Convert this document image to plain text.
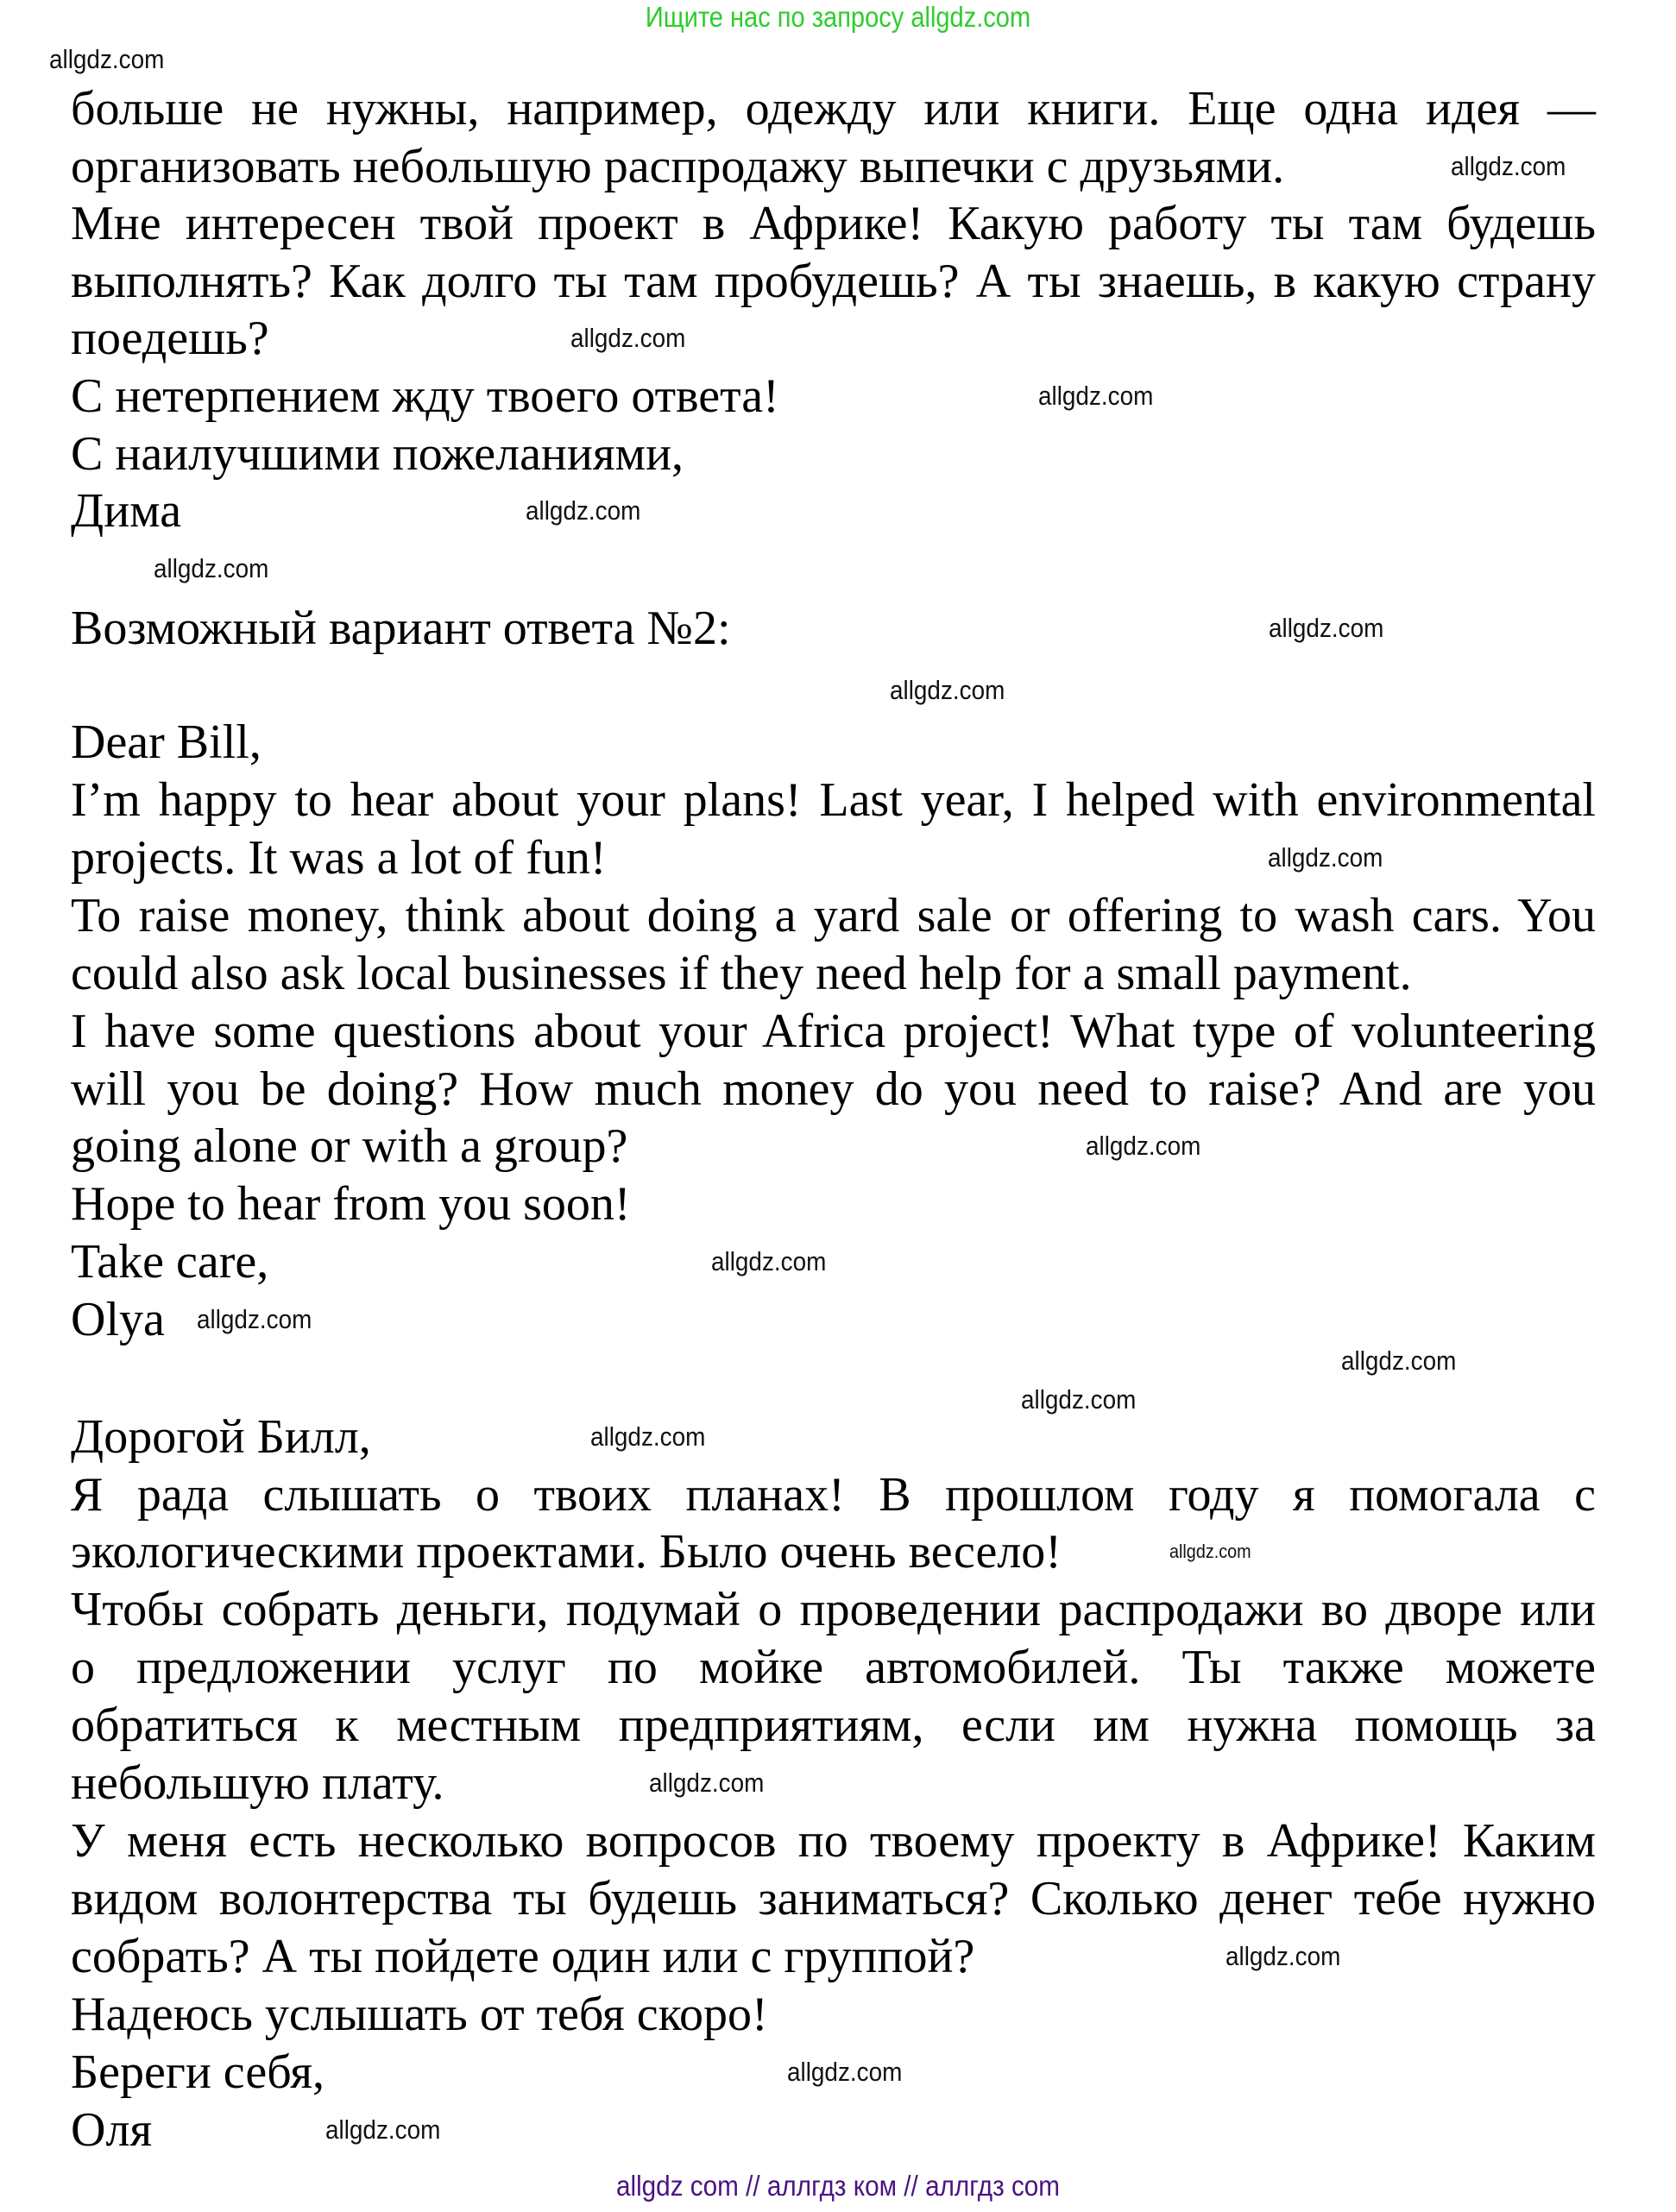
Ищите нас по запросу allgdz.com
больше не нужны, например, одежду или книги. Еще одна идея —
организовать небольшую распродажу выпечки с друзьями.
Мне интересен твой проект в Африке! Какую работу ты там будешь
выполнять? Как долго ты там пробудешь? А ты знаешь, в какую страну
поедешь?
С нетерпением жду твоего ответа!
С наилучшими пожеланиями,
Дима
Возможный вариант ответа №2:
Dear Bill,
I’m happy to hear about your plans! Last year, I helped with environmental
projects. It was a lot of fun!
To raise money, think about doing a yard sale or offering to wash cars. You
could also ask local businesses if they need help for a small payment.
I have some questions about your Africa project! What type of volunteering
will you be doing? How much money do you need to raise? And are you
going alone or with a group?
Hope to hear from you soon!
Take care,
Olya
Дорогой Билл,
Я рада слышать о твоих планах! В прошлом году я помогала с
экологическими проектами. Было очень весело!
Чтобы собрать деньги, подумай о проведении распродажи во дворе или
о предложении услуг по мойке автомобилей. Ты также можете
обратиться к местным предприятиям, если им нужна помощь за
небольшую плату.
У меня есть несколько вопросов по твоему проекту в Африке! Каким
видом волонтерства ты будешь заниматься? Сколько денег тебе нужно
собрать? А ты пойдете один или с группой?
Надеюсь услышать от тебя скоро!
Береги себя,
Оля
allgdz.com
allgdz.com
allgdz.com
allgdz.com
allgdz.com
allgdz.com
allgdz.com
allgdz.com
allgdz.com
allgdz.com
allgdz.com
allgdz.com
allgdz.com
allgdz.com
allgdz.com
allgdz.com
allgdz.com
allgdz.com
allgdz.com
allgdz.com
allgdz com // аллгдз ком // аллгдз com
